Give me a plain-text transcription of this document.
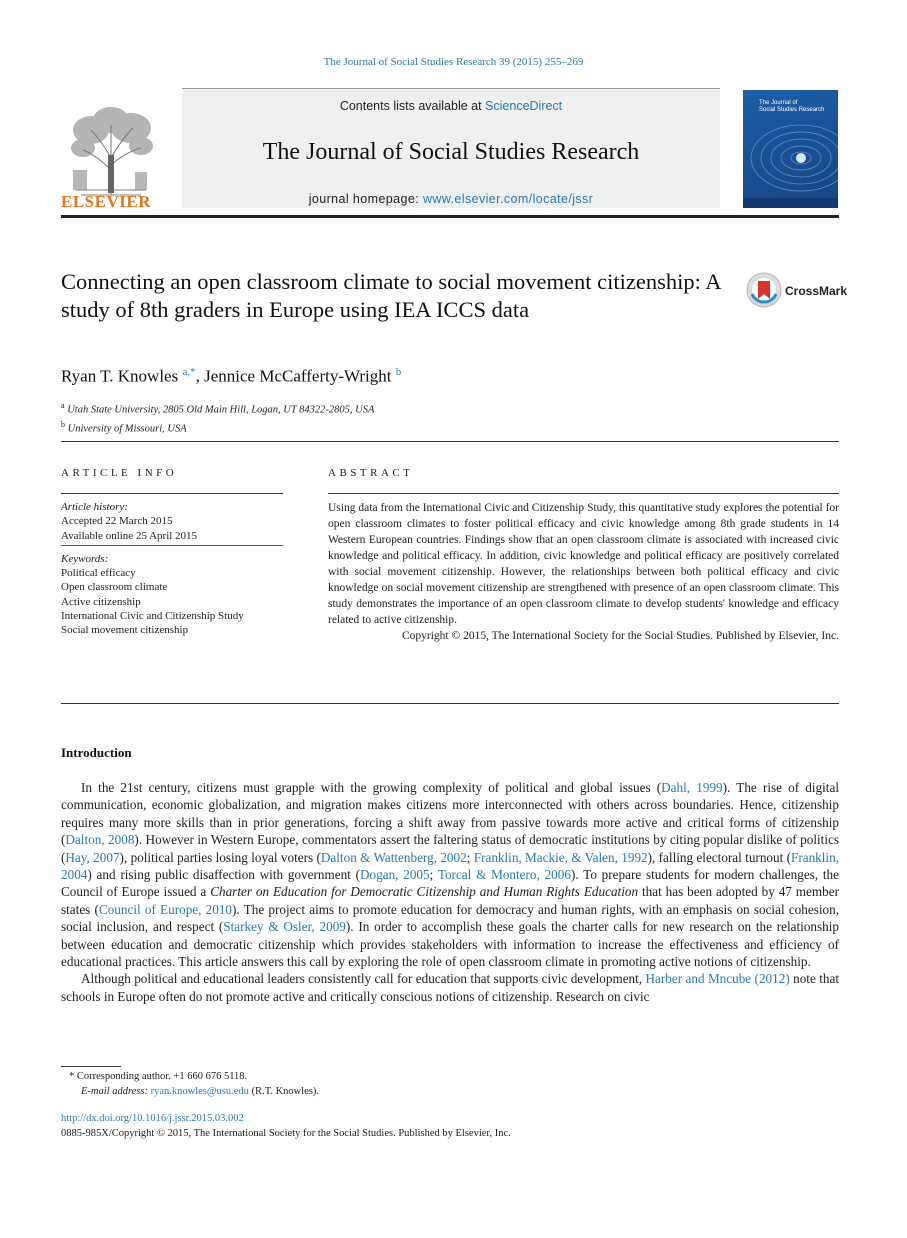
The Journal of Social Studies Research 39 (2015) 255–269
ELSEVIER
Contents lists available at ScienceDirect
The Journal of Social Studies Research
journal homepage: www.elsevier.com/locate/jssr
The Journal of
Social Studies Research
Connecting an open classroom climate to social movement citizenship: A study of 8th graders in Europe using IEA ICCS data
CrossMark
Ryan T. Knowles $^{a,*}$, Jennice McCafferty-Wright $^b$
$^a$ Utah State University, 2805 Old Main Hill, Logan, UT 84322-2805, USA
$^b$ University of Missouri, USA
ARTICLE INFO
Article history:
Accepted 22 March 2015
Available online 25 April 2015
Keywords:
Political efficacy
Open classroom climate
Active citizenship
International Civic and Citizenship Study
Social movement citizenship
ABSTRACT
Using data from the International Civic and Citizenship Study, this quantitative study explores the potential for open classroom climates to foster political efficacy and civic knowledge among 8th grade students in 14 Western European countries. Findings show that an open classroom climate is associated with increased civic knowledge and political efficacy. In addition, civic knowledge and political efficacy are positively correlated with social movement citizenship. However, the relationships between both political efficacy and civic knowledge on social movement citizenship are strengthened with presence of an open classroom climate. This study demonstrates the importance of an open classroom climate to develop students' knowledge and efficacy related to active citizenship.
Copyright © 2015, The International Society for the Social Studies. Published by Elsevier, Inc.
Introduction

In the 21st century, citizens must grapple with the growing complexity of political and global issues (Dahl, 1999). The rise of digital communication, economic globalization, and migration makes citizens more interconnected with others across boundaries. Hence, citizenship requires many more skills than in prior generations, forcing a shift away from passive towards more active and critical forms of citizenship (Dalton, 2008). However in Western Europe, commentators assert the faltering status of democratic institutions by citing popular dislike of politics (Hay, 2007), political parties losing loyal voters (Dalton & Wattenberg, 2002; Franklin, Mackie, & Valen, 1992), falling electoral turnout (Franklin, 2004) and rising public disaffection with government (Dogan, 2005; Torcal & Montero, 2006). To prepare students for modern challenges, the Council of Europe issued a Charter on Education for Democratic Citizenship and Human Rights Education that has been adopted by 47 member states (Council of Europe, 2010). The project aims to promote education for democracy and human rights, with an emphasis on social cohesion, social inclusion, and respect (Starkey & Osler, 2009). In order to accomplish these goals the charter calls for new research on the relationship between education and democratic citizenship which provides stakeholders with information to increase the effectiveness and efficiency of educational practices. This article answers this call by exploring the role of open classroom climate in promoting active notions of citizenship.

Although political and educational leaders consistently call for education that supports civic development, Harber and Mncube (2012) note that schools in Europe often do not promote active and critically conscious notions of citizenship. Research on civic

* Corresponding author. +1 660 676 5118.
E-mail address: ryan.knowles@usu.edu (R.T. Knowles).
http://dx.doi.org/10.1016/j.jssr.2015.03.002
0885-985X/Copyright © 2015, The International Society for the Social Studies. Published by Elsevier, Inc.
